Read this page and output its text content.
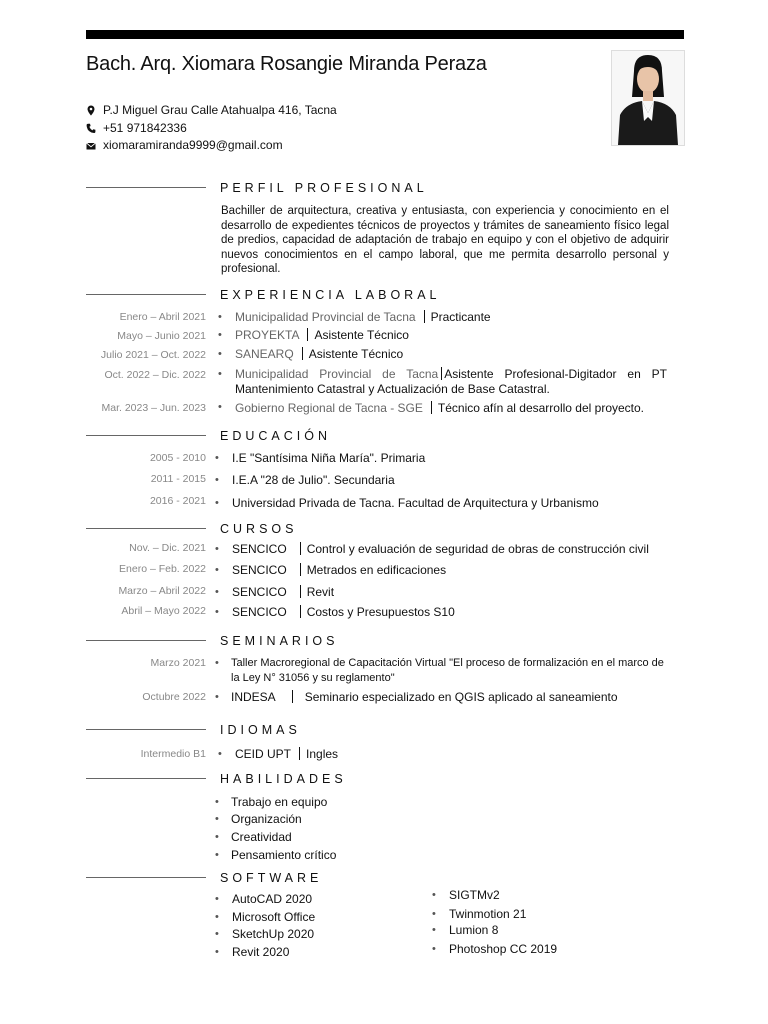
Bach. Arq. Xiomara Rosangie Miranda Peraza
P.J Miguel Grau Calle Atahualpa 416, Tacna
+51 971842336
xiomaramiranda9999@gmail.com
PERFIL PROFESIONAL
Bachiller de arquitectura, creativa y entusiasta, con experiencia y conocimiento en el desarrollo de expedientes técnicos de proyectos y trámites de saneamiento físico legal de predios, capacidad de adaptación de trabajo en equipo y con el objetivo de adquirir nuevos conocimientos en el campo laboral, que me permita desarrollo personal y profesional.
EXPERIENCIA LABORAL
Enero – Abril 2021 • Municipalidad Provincial de Tacna Practicante
Mayo – Junio 2021 • PROYEKTA Asistente Técnico
Julio 2021 – Oct. 2022 • SANEARQ Asistente Técnico
Oct. 2022 – Dic. 2022 • Municipalidad Provincial de Tacna Asistente Profesional-Digitador en PT Mantenimiento Catastral y Actualización de Base Catastral.
Mar. 2023 – Jun. 2023 • Gobierno Regional de Tacna - SGE Técnico afín al desarrollo del proyecto.
EDUCACIÓN
2005 - 2010 • I.E "Santísima Niña María". Primaria
2011 - 2015 • I.E.A "28 de Julio". Secundaria
2016 - 2021 • Universidad Privada de Tacna. Facultad de Arquitectura y Urbanismo
CURSOS
Nov. – Dic. 2021 • SENCICO Control y evaluación de seguridad de obras de construcción civil
Enero – Feb. 2022 • SENCICO Metrados en edificaciones
Marzo – Abril 2022 • SENCICO Revit
Abril – Mayo 2022 • SENCICO Costos y Presupuestos S10
SEMINARIOS
Marzo 2021 • Taller Macroregional de Capacitación Virtual "El proceso de formalización en el marco de la Ley N° 31056 y su reglamento"
Octubre 2022 • INDESA Seminario especializado en QGIS aplicado al saneamiento
IDIOMAS
Intermedio B1 • CEID UPT Ingles
HABILIDADES
• Trabajo en equipo
• Organización
• Creatividad
• Pensamiento crítico
SOFTWARE
• AutoCAD 2020
• Microsoft Office
• SketchUp 2020
• Revit 2020
• SIGTMv2
• Twinmotion 21
• Lumion 8
• Photoshop CC 2019
